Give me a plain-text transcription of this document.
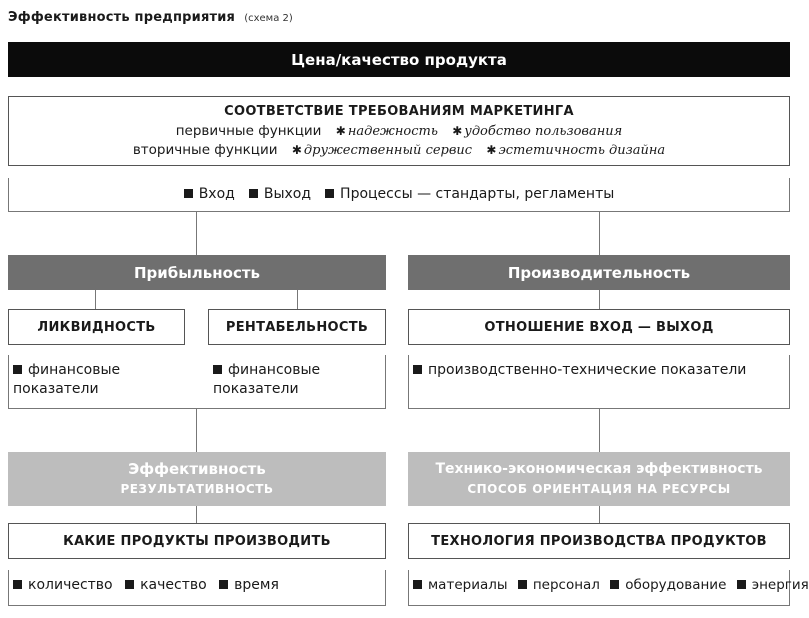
Эффективность предприятия (схема 2)
Цена/качество продукта
СООТВЕТСТВИЕ ТРЕБОВАНИЯМ МАРКЕТИНГА
первичные функции ✱ надежность ✱ удобство пользования
вторичные функции ✱ дружественный сервис ✱ эстетичность дизайна
Вход	Выход	Процессы — стандарты, регламенты
Прибыльность
ЛИКВИДНОСТЬ	РЕНТАБЕЛЬНОСТЬ
финансовые показатели
финансовые показатели
Эффективность
РЕЗУЛЬТАТИВНОСТЬ
КАКИЕ ПРОДУКТЫ ПРОИЗВОДИТЬ
количество качество время
Производительность
ОТНОШЕНИЕ ВХОД — ВЫХОД
производственно-технические показатели
Технико-экономическая эффективность
СПОСОБ ОРИЕНТАЦИЯ НА РЕСУРСЫ
ТЕХНОЛОГИЯ ПРОИЗВОДСТВА ПРОДУКТОВ
материалы персонал оборудование энергия
